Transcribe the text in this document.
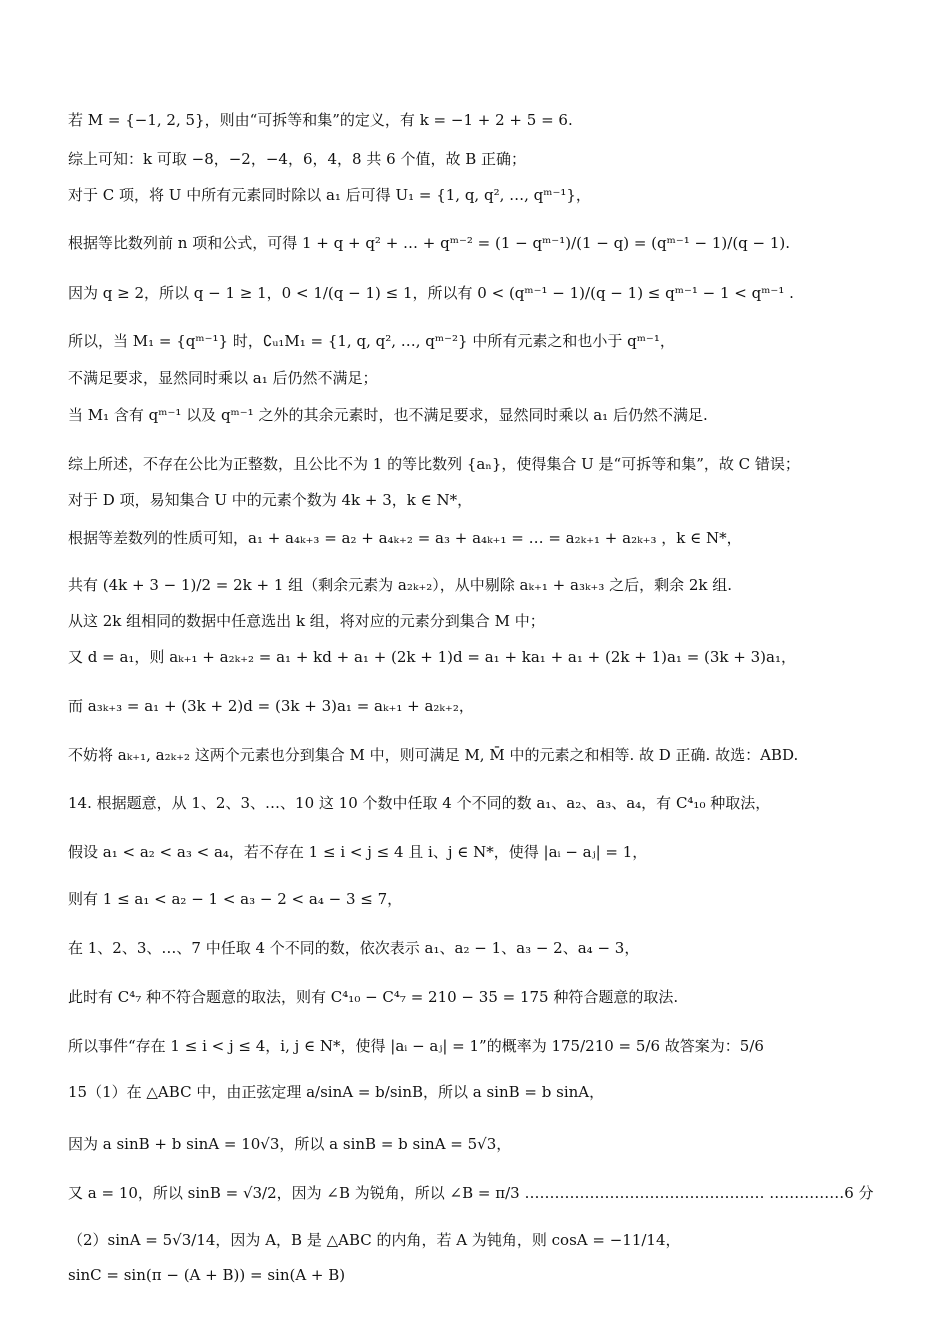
若 M = {−1, 2, 5}，则由“可拆等和集”的定义，有 k = −1 + 2 + 5 = 6.
综上可知：k 可取 −8，−2，−4，6，4，8 共 6 个值，故 B 正确；
对于 C 项，将 U 中所有元素同时除以 a₁ 后可得 U₁ = {1, q, q², …, qᵐ⁻¹}，
根据等比数列前 n 项和公式，可得 1 + q + q² + … + qᵐ⁻² = (1 − qᵐ⁻¹)/(1 − q) = (qᵐ⁻¹ − 1)/(q − 1).
因为 q ≥ 2，所以 q − 1 ≥ 1，0 < 1/(q − 1) ≤ 1，所以有 0 < (qᵐ⁻¹ − 1)/(q − 1) ≤ qᵐ⁻¹ − 1 < qᵐ⁻¹ .
所以，当 M₁ = {qᵐ⁻¹} 时，∁ᵤ₁M₁ = {1, q, q², …, qᵐ⁻²} 中所有元素之和也小于 qᵐ⁻¹，
不满足要求，显然同时乘以 a₁ 后仍然不满足；
当 M₁ 含有 qᵐ⁻¹ 以及 qᵐ⁻¹ 之外的其余元素时，也不满足要求，显然同时乘以 a₁ 后仍然不满足.
综上所述，不存在公比为正整数，且公比不为 1 的等比数列 {aₙ}，使得集合 U 是“可拆等和集”，故 C 错误；
对于 D 项，易知集合 U 中的元素个数为 4k + 3，k ∈ N*，
根据等差数列的性质可知，a₁ + a₄ₖ₊₃ = a₂ + a₄ₖ₊₂ = a₃ + a₄ₖ₊₁ = … = a₂ₖ₊₁ + a₂ₖ₊₃ ，k ∈ N*，
共有 (4k + 3 − 1)/2 = 2k + 1 组（剩余元素为 a₂ₖ₊₂），从中剔除 aₖ₊₁ + a₃ₖ₊₃ 之后，剩余 2k 组.
从这 2k 组相同的数据中任意选出 k 组，将对应的元素分到集合 M 中；
又 d = a₁，则 aₖ₊₁ + a₂ₖ₊₂ = a₁ + kd + a₁ + (2k + 1)d = a₁ + ka₁ + a₁ + (2k + 1)a₁ = (3k + 3)a₁，
而 a₃ₖ₊₃ = a₁ + (3k + 2)d = (3k + 3)a₁ = aₖ₊₁ + a₂ₖ₊₂，
不妨将 aₖ₊₁, a₂ₖ₊₂ 这两个元素也分到集合 M 中，则可满足 M, M̄ 中的元素之和相等. 故 D 正确. 故选：ABD.
14. 根据题意，从 1、2、3、…、10 这 10 个数中任取 4 个不同的数 a₁、a₂、a₃、a₄，有 C⁴₁₀ 种取法，
假设 a₁ < a₂ < a₃ < a₄，若不存在 1 ≤ i < j ≤ 4 且 i、j ∈ N*，使得 |aᵢ − aⱼ| = 1，
则有 1 ≤ a₁ < a₂ − 1 < a₃ − 2 < a₄ − 3 ≤ 7，
在 1、2、3、…、7 中任取 4 个不同的数，依次表示 a₁、a₂ − 1、a₃ − 2、a₄ − 3，
此时有 C⁴₇ 种不符合题意的取法，则有 C⁴₁₀ − C⁴₇ = 210 − 35 = 175 种符合题意的取法.
所以事件“存在 1 ≤ i < j ≤ 4，i, j ∈ N*，使得 |aᵢ − aⱼ| = 1”的概率为 175/210 = 5/6 故答案为：5/6
15（1）在 △ABC 中，由正弦定理 a/sinA = b/sinB，所以 a sinB = b sinA，
因为 a sinB + b sinA = 10√3，所以 a sinB = b sinA = 5√3，
又 a = 10，所以 sinB = √3/2，因为 ∠B 为锐角，所以 ∠B = π/3 ………………………………………… ……………6 分
（2）sinA = 5√3/14，因为 A，B 是 △ABC 的内角，若 A 为钝角，则 cosA = −11/14，
sinC = sin(π − (A + B)) = sin(A + B)
